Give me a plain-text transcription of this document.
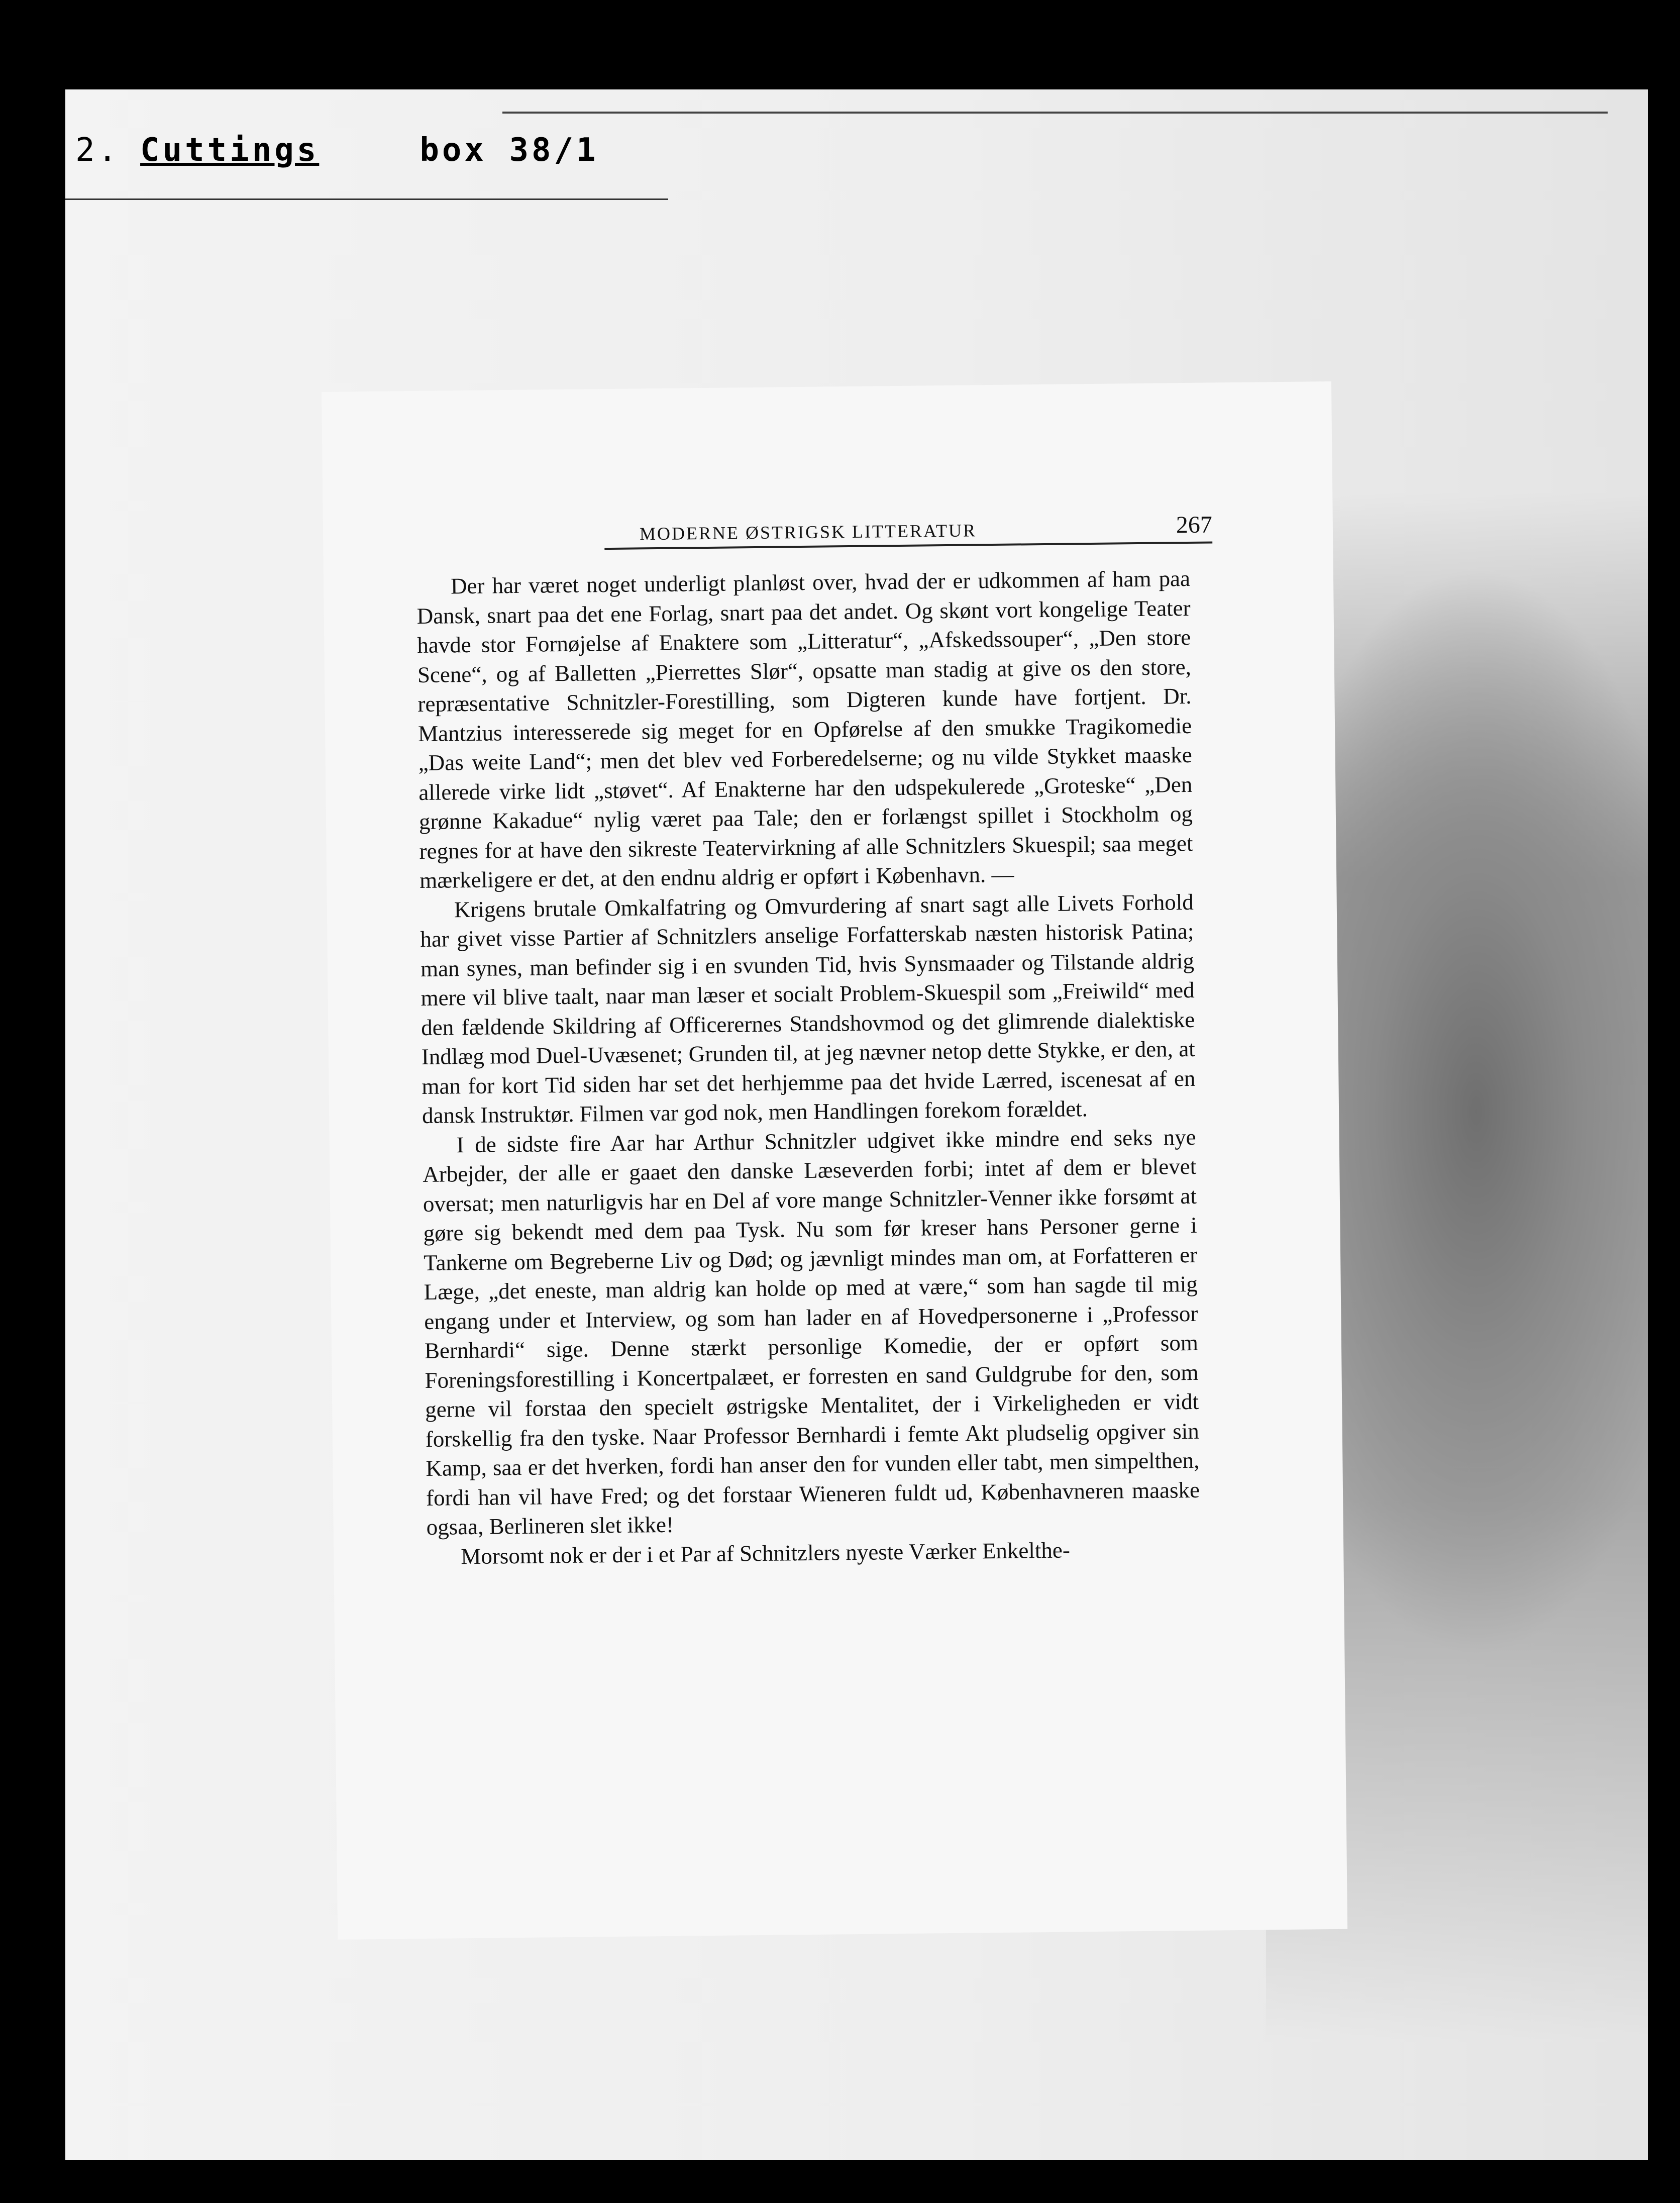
2. Cuttings	box 38/1
MODERNE ØSTRIGSK LITTERATUR	267

Der har været noget underligt planløst over, hvad der er udkommen af ham paa Dansk, snart paa det ene Forlag, snart paa det andet. Og skønt vort kongelige Teater havde stor Fornøjelse af Enaktere som „Litteratur“, „Afskedssouper“, „Den store Scene“, og af Balletten „Pierrettes Slør“, opsatte man stadig at give os den store, repræsentative Schnitzler-Forestilling, som Digteren kunde have fortjent. Dr. Mantzius interesserede sig meget for en Opførelse af den smukke Tragikomedie „Das weite Land“; men det blev ved Forberedelserne; og nu vilde Stykket maaske allerede virke lidt „støvet“. Af Enakterne har den udspekulerede „Groteske“ „Den grønne Kakadue“ nylig været paa Tale; den er forlængst spillet i Stockholm og regnes for at have den sikreste Teatervirkning af alle Schnitzlers Skuespil; saa meget mærkeligere er det, at den endnu aldrig er opført i København. —

Krigens brutale Omkalfatring og Omvurdering af snart sagt alle Livets Forhold har givet visse Partier af Schnitzlers anselige Forfatterskab næsten historisk Patina; man synes, man befinder sig i en svunden Tid, hvis Synsmaader og Tilstande aldrig mere vil blive taalt, naar man læser et socialt Problem-Skuespil som „Freiwild“ med den fældende Skildring af Officerernes Standshovmod og det glimrende dialektiske Indlæg mod Duel-Uvæsenet; Grunden til, at jeg nævner netop dette Stykke, er den, at man for kort Tid siden har set det herhjemme paa det hvide Lærred, iscenesat af en dansk Instruktør. Filmen var god nok, men Handlingen forekom forældet.

I de sidste fire Aar har Arthur Schnitzler udgivet ikke mindre end seks nye Arbejder, der alle er gaaet den danske Læseverden forbi; intet af dem er blevet oversat; men naturligvis har en Del af vore mange Schnitzler-Venner ikke forsømt at gøre sig bekendt med dem paa Tysk. Nu som før kreser hans Personer gerne i Tankerne om Begreberne Liv og Død; og jævnligt mindes man om, at Forfatteren er Læge, „det eneste, man aldrig kan holde op med at være,“ som han sagde til mig engang under et Interview, og som han lader en af Hovedpersonerne i „Professor Bernhardi“ sige. Denne stærkt personlige Komedie, der er opført som Foreningsforestilling i Koncertpalæet, er forresten en sand Guldgrube for den, som gerne vil forstaa den specielt østrigske Mentalitet, der i Virkeligheden er vidt forskellig fra den tyske. Naar Professor Bernhardi i femte Akt pludselig opgiver sin Kamp, saa er det hverken, fordi han anser den for vunden eller tabt, men simpelthen, fordi han vil have Fred; og det forstaar Wieneren fuldt ud, Københavneren maaske ogsaa, Berlineren slet ikke!

Morsomt nok er der i et Par af Schnitzlers nyeste Værker Enkelthe-
